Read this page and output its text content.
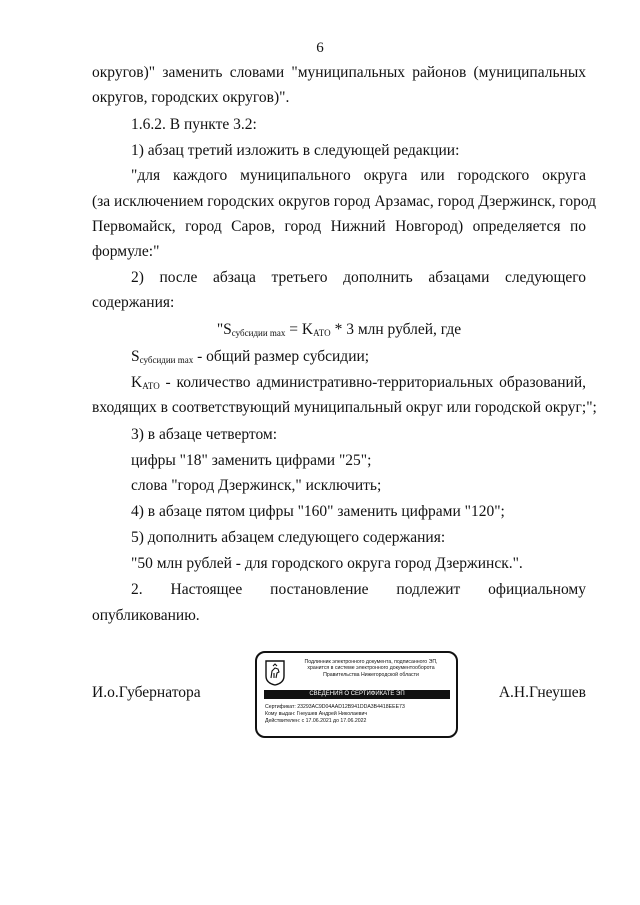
6
округов)" заменить словами "муниципальных районов (муниципальных
округов, городских округов)".
1.6.2. В пункте 3.2:
1) абзац третий изложить в следующей редакции:
"для каждого муниципального округа или городского округа
(за исключением городских округов город Арзамас, город Дзержинск, город
Первомайск, город Саров, город Нижний Новгород) определяется по
формуле:"
2) после абзаца третьего дополнить абзацами следующего
содержания:
"$S_{субсидии max} = K_{АТО} * 3$ млн рублей, где
$S_{субсидии max}$ - общий размер субсидии;
$K_{АТО}$ - количество административно-территориальных образований,
входящих в соответствующий муниципальный округ или городской округ;";
3) в абзаце четвертом:
цифры "18" заменить цифрами "25";
слова "город Дзержинск," исключить;
4) в абзаце пятом цифры "160" заменить цифрами "120";
5) дополнить абзацем следующего содержания:
"50 млн рублей - для городского округа город Дзержинск.".
2. Настоящее постановление подлежит официальному
опубликованию.
И.о.Губернатора	А.Н.Гнеушев
Подлинник электронного документа, подписанного ЭП,
хранится в системе электронного документооборота
Правительства Нижегородской области
СВЕДЕНИЯ О СЕРТИФИКАТЕ ЭП
Сертификат: 23293AC9D04AAD12B941DDA3B4418EEE73
Кому выдан: Гнеушев Андрей Николаевич
Действителен: с 17.06.2021 до 17.06.2022
